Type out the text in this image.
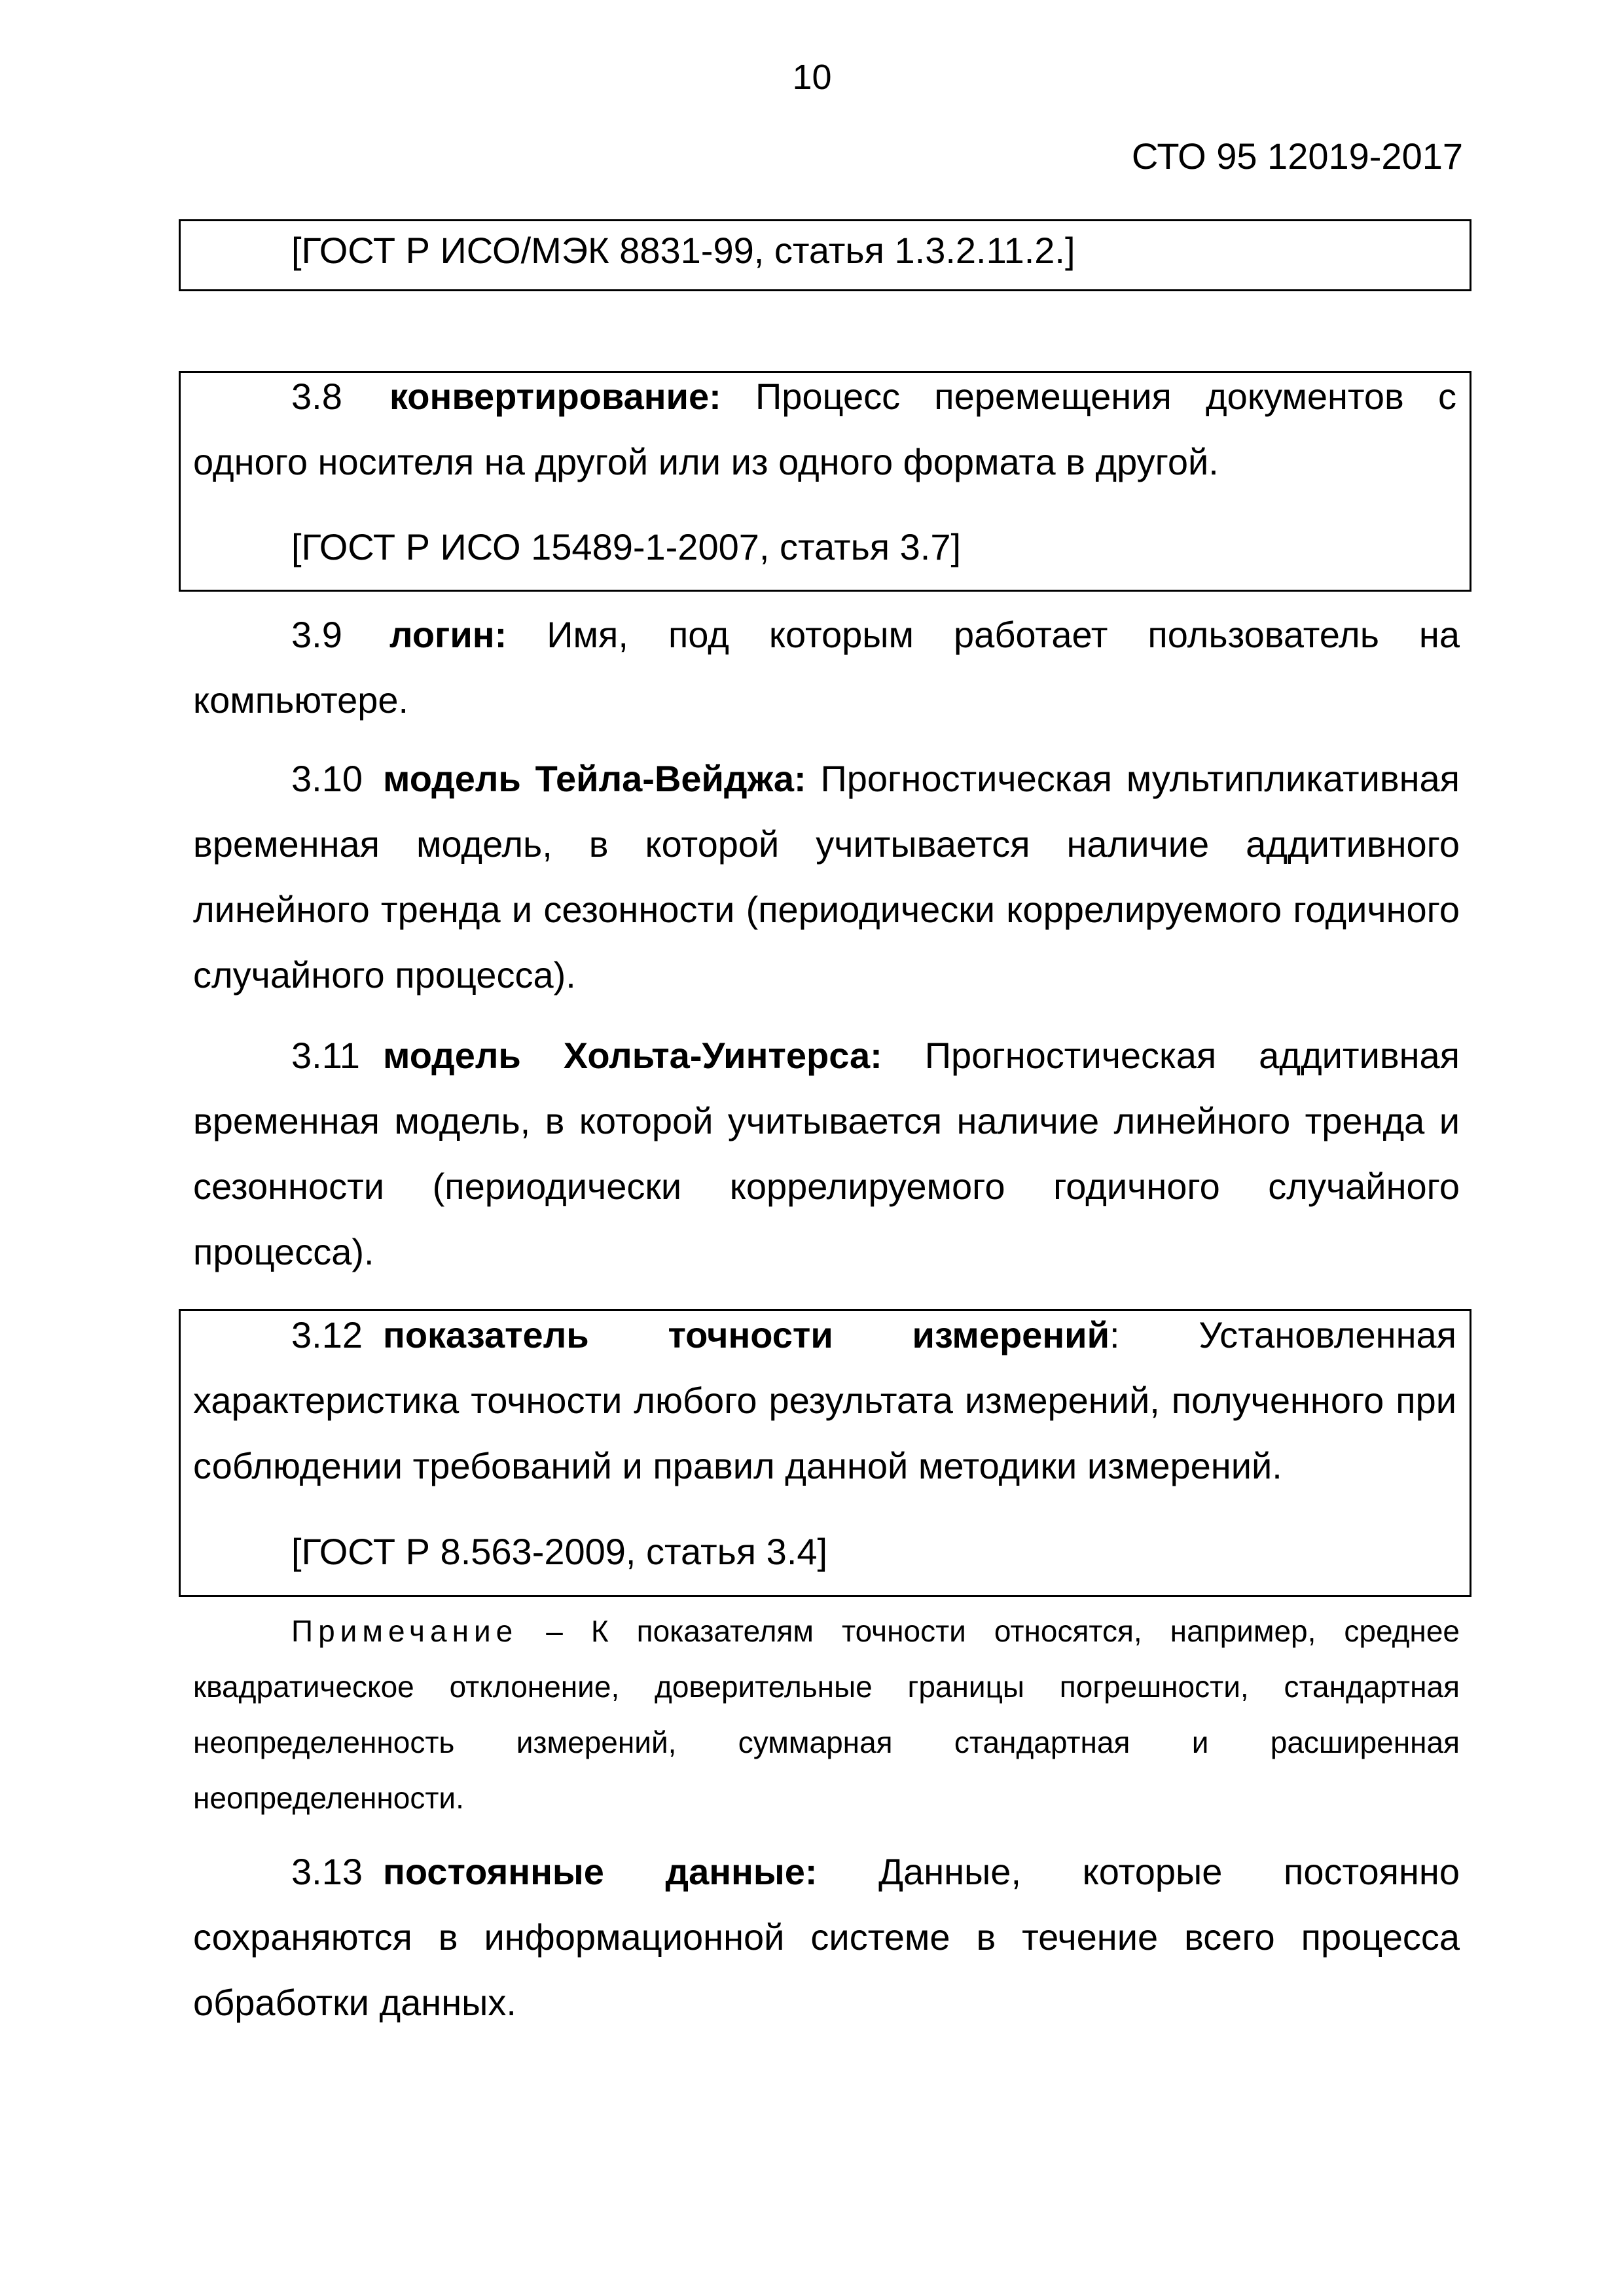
10
СТО 95 12019-2017

[ГОСТ Р ИСО/МЭК 8831-99, статья 1.3.2.11.2.]

3.8 конвертирование: Процесс перемещения документов с одного носителя на другой или из одного формата в другой.

[ГОСТ Р ИСО 15489-1-2007, статья 3.7]

3.9 логин: Имя, под которым работает пользователь на компьютере.

3.10 модель Тейла-Вейджа: Прогностическая мультипликативная временная модель, в которой учитывается наличие аддитивного линейного тренда и сезонности (периодически коррелируемого годичного случайного процесса).

3.11 модель Хольта-Уинтерса: Прогностическая аддитивная временная модель, в которой учитывается наличие линейного тренда и сезонности (периодически коррелируемого годичного случайного процесса).

3.12 показатель точности измерений: Установленная характеристика точности любого результата измерений, полученного при соблюдении требований и правил данной методики измерений.

[ГОСТ Р 8.563-2009, статья 3.4]

Примечание – К показателям точности относятся, например, среднее квадратическое отклонение, доверительные границы погрешности, стандартная неопределенность измерений, суммарная стандартная и расширенная неопределенности.

3.13 постоянные данные: Данные, которые постоянно сохраняются в информационной системе в течение всего процесса обработки данных.
